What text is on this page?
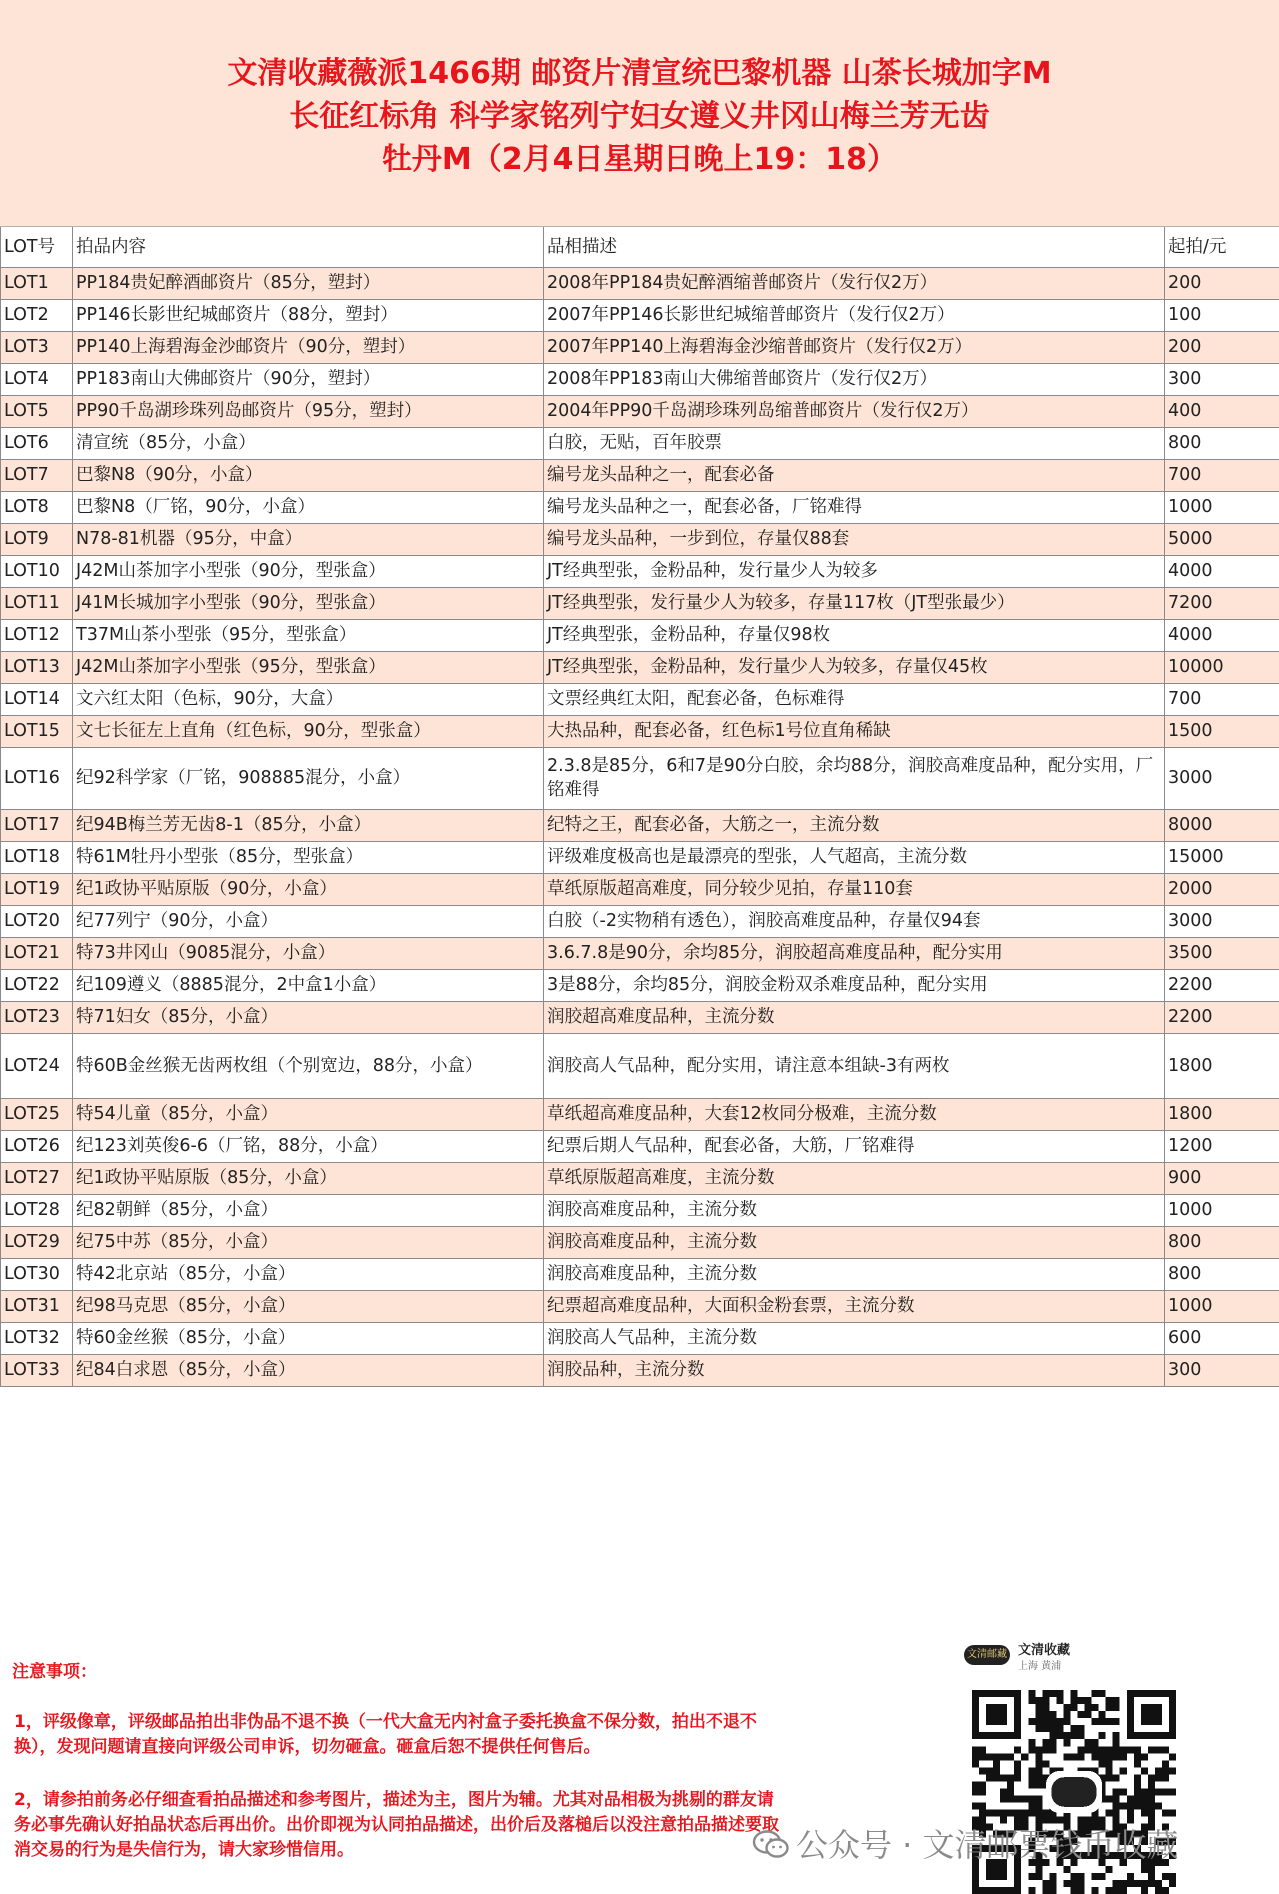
文清收藏薇派1466期 邮资片清宣统巴黎机器 山茶长城加字M
长征红标角 科学家铭列宁妇女遵义井冈山梅兰芳无齿
牡丹M（2月4日星期日晚上19：18）
LOT号	拍品内容	品相描述	起拍/元
LOT1	PP184贵妃醉酒邮资片（85分，塑封）	2008年PP184贵妃醉酒缩普邮资片（发行仅2万）	200
LOT2	PP146长影世纪城邮资片（88分，塑封）	2007年PP146长影世纪城缩普邮资片（发行仅2万）	100
LOT3	PP140上海碧海金沙邮资片（90分，塑封）	2007年PP140上海碧海金沙缩普邮资片（发行仅2万）	200
LOT4	PP183南山大佛邮资片（90分，塑封）	2008年PP183南山大佛缩普邮资片（发行仅2万）	300
LOT5	PP90千岛湖珍珠列岛邮资片（95分，塑封）	2004年PP90千岛湖珍珠列岛缩普邮资片（发行仅2万）	400
LOT6	清宣统（85分，小盒）	白胶，无贴，百年胶票	800
LOT7	巴黎N8（90分，小盒）	编号龙头品种之一，配套必备	700
LOT8	巴黎N8（厂铭，90分，小盒）	编号龙头品种之一，配套必备，厂铭难得	1000
LOT9	N78-81机器（95分，中盒）	编号龙头品种，一步到位，存量仅88套	5000
LOT10	J42M山茶加字小型张（90分，型张盒）	JT经典型张，金粉品种，发行量少人为较多	4000
LOT11	J41M长城加字小型张（90分，型张盒）	JT经典型张，发行量少人为较多，存量117枚（JT型张最少）	7200
LOT12	T37M山茶小型张（95分，型张盒）	JT经典型张，金粉品种，存量仅98枚	4000
LOT13	J42M山茶加字小型张（95分，型张盒）	JT经典型张，金粉品种，发行量少人为较多，存量仅45枚	10000
LOT14	文六红太阳（色标，90分，大盒）	文票经典红太阳，配套必备，色标难得	700
LOT15	文七长征左上直角（红色标，90分，型张盒）	大热品种，配套必备，红色标1号位直角稀缺	1500
LOT16	纪92科学家（厂铭，908885混分，小盒）	2.3.8是85分，6和7是90分白胶，余均88分，润胶高难度品种，配分实用，厂铭难得	3000
LOT17	纪94B梅兰芳无齿8-1（85分，小盒）	纪特之王，配套必备，大筋之一，主流分数	8000
LOT18	特61M牡丹小型张（85分，型张盒）	评级难度极高也是最漂亮的型张，人气超高，主流分数	15000
LOT19	纪1政协平贴原版（90分，小盒）	草纸原版超高难度，同分较少见拍，存量110套	2000
LOT20	纪77列宁（90分，小盒）	白胶（-2实物稍有透色），润胶高难度品种，存量仅94套	3000
LOT21	特73井冈山（9085混分，小盒）	3.6.7.8是90分，余均85分，润胶超高难度品种，配分实用	3500
LOT22	纪109遵义（8885混分，2中盒1小盒）	3是88分，余均85分，润胶金粉双杀难度品种，配分实用	2200
LOT23	特71妇女（85分，小盒）	润胶超高难度品种，主流分数	2200
LOT24	特60B金丝猴无齿两枚组（个别宽边，88分，小盒）	润胶高人气品种，配分实用，请注意本组缺-3有两枚	1800
LOT25	特54儿童（85分，小盒）	草纸超高难度品种，大套12枚同分极难，主流分数	1800
LOT26	纪123刘英俊6-6（厂铭，88分，小盒）	纪票后期人气品种，配套必备，大筋，厂铭难得	1200
LOT27	纪1政协平贴原版（85分，小盒）	草纸原版超高难度，主流分数	900
LOT28	纪82朝鲜（85分，小盒）	润胶高难度品种，主流分数	1000
LOT29	纪75中苏（85分，小盒）	润胶高难度品种，主流分数	800
LOT30	特42北京站（85分，小盒）	润胶高难度品种，主流分数	800
LOT31	纪98马克思（85分，小盒）	纪票超高难度品种，大面积金粉套票，主流分数	1000
LOT32	特60金丝猴（85分，小盒）	润胶高人气品种，主流分数	600
LOT33	纪84白求恩（85分，小盒）	润胶品种，主流分数	300
注意事项：
1，评级像章，评级邮品拍出非伪品不退不换（一代大盒无内衬盒子委托换盒不保分数，拍出不退不换），发现问题请直接向评级公司申诉，切勿砸盒。砸盒后恕不提供任何售后。
2，请参拍前务必仔细查看拍品描述和参考图片，描述为主，图片为辅。尤其对品相极为挑剔的群友请务必事先确认好拍品状态后再出价。出价即视为认同拍品描述，出价后及落槌后以没注意拍品描述要取消交易的行为是失信行为，请大家珍惜信用。
文清邮藏 文清收藏
上海 黄浦
公众号 · 文清邮票钱币收藏
